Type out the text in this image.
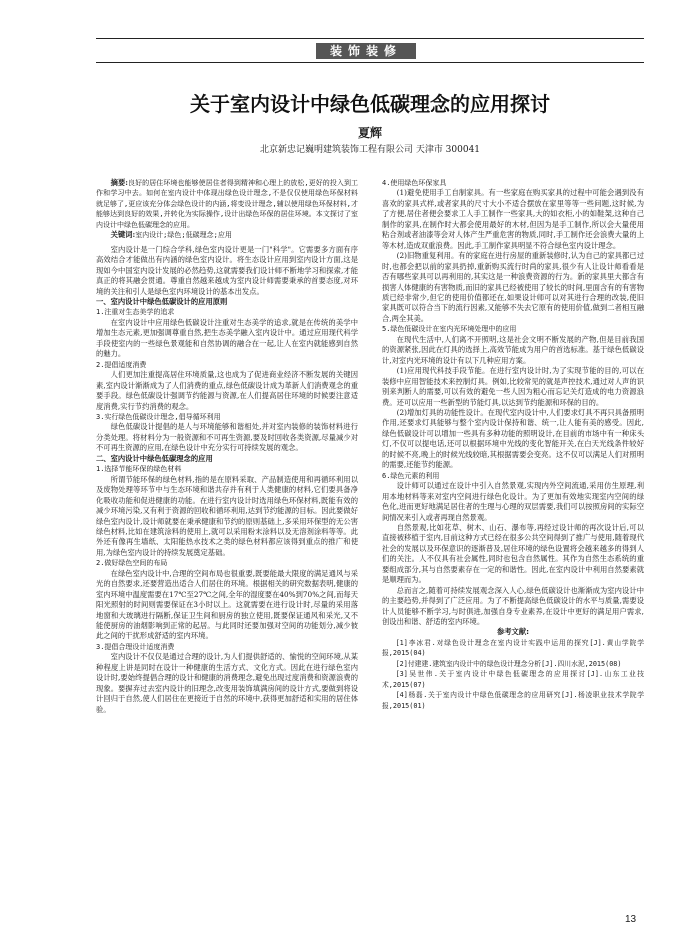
装饰装修
关于室内设计中绿色低碳理念的应用探讨
夏辉
北京新忠记巍明建筑装饰工程有限公司 天津市 300041

摘要:良好的居住环境也能够使居住者得到精神和心理上的放松,更好的投入到工作和学习中去。如何在室内设计中体现出绿色设计理念,不是仅仅使用绿色环保材料就足够了,更应该充分体会绿色设计的内涵,将变设计理念,辅以使用绿色环保材料,才能够达到良好的效果,并转化为实际操作,设计出绿色环保的居住环境。本文探讨了室内设计中绿色低碳理念的应用。

关键词:室内设计;绿色;低碳理念;应用

室内设计是一门综合学科,绿色室内设计更是一门"科学"。它需要多方面有序高效结合才能做出有内涵的绿色室内设计。将生态设计应用到室内设计方面,这是现如今中国室内设计发展的必然趋势,这就需要我们设计师不断地学习和探索,才能真正的将其融会贯通。尊重自然越来越成为室内设计师需要秉承的首要态度,对环境的关注和引人是绿色室内环境设计的基本出发点。

一、室内设计中绿色低碳设计的应用原则

1.注重对生态美学的追求

在室内设计中应用绿色低碳设计注重对生态美学的追求,就是在传统的美学中增加生态元素,更加强调尊重自然,把生态美学融入室内设计中。通过应用现代科学手段使室内的一些绿色景观能和自然协调的融合在一起,让人在室内就能感到自然的魅力。

2.提倡适度消费

人们更加注重提高居住环境质量,这也成为了促进商业经济不断发展的关键因素,室内设计渐渐成为了人们消费的重点,绿色低碳设计成为革新人们消费观念的重要手段。绿色低碳设计强调节约能源与资源,在人们提高居住环境的时候要注意适度消费,实行节约消费的观念。

3.实行绿色低碳设计理念,倡导循环利用

绿色低碳设计提倡的是人与环境能够和谐相处,并对室内装修的装饰材料进行分类处理。将材料分为一般资源和不可再生资源,要及时回收各类资源,尽量减少对不可再生资源的应用,在绿色设计中充分实行可持续发展的观念。

二、室内设计中绿色低碳理念的应用

1.选择节能环保的绿色材料

所谓节能环保的绿色材料,指的是在原料采取、产品制造使用和再循环利用以及废物处理等环节中与生态环境和谐共存并有利于人类健康的材料,它们要具备净化吸收功能和促进健康的功能。在进行室内设计时选用绿色环保材料,既能有效的减少环境污染,又有利于资源的回收和循环利用,达到节约能源的目标。因此要做好绿色室内设计,设计师就要在秉承健康和节约的原则基础上,多采用环保型的无公害绿色材料,比如在建筑涂料的使用上,就可以采用粉末涂料以及无溶剂涂料等等。此外还有像再生墙纸、太阳能热水技术之类的绿色材料都应该得到重点的推广和使用,为绿色室内设计的持续发展奠定基础。

2.做好绿色空间的布局

在绿色室内设计中,合理的空间布局也很重要,既要能最大限度的满足通风与采光的自然要求,还要营造出适合人们居住的环境。根据相关的研究数据表明,健康的室内环境中温度需要在17℃至27℃之间,全年的湿度要在40%到70%之间,而每天阳光照射的时间则需要保证在3小时以上。这就需要在进行设计时,尽量的采用落地窗和大玻璃进行隔断,保证卫生间和厨房的独立使用,既要保证通风和采光,又不能使厨房的油烟影响到正常的起居。与此同时还要加强对空间的功能划分,减少彼此之间的干扰形成舒适的室内环境。

3.提倡合理设计适度消费

室内设计不仅仅是通过合理的设计,为人们提供舒适的、愉悦的空间环境,从某种程度上讲是同时在设计一种健康的生活方式、文化方式。因此在进行绿色室内设计时,要始终提倡合理的设计和健康的消费理念,避免出现过度消费和资源浪费的现象。要摒弃过去室内设计的旧理念,改变用装饰填满房间的设计方式,要做到将设计回归于自然,使人们居住在更接近于自然的环境中,获得更加舒适和实用的居住体验。

4.使用绿色环保家具

(1)避免使用手工自制家具。有一些家庭在购买家具的过程中可能会遇到没有喜欢的家具式样,或者家具的尺寸大小不适合摆放在家里等等一些问题,这时候,为了方便,居住者便会要求工人手工制作一些家具,大的如衣柜,小的如鞋架,这种自己制作的家具,在制作时大都会使用最好的木材,但因为是手工制作,所以会大量使用粘合剂或者油漆等会对人体产生严重危害的物质,同时,手工制作还会浪费大量的上等木材,造成双重浪费。因此,手工制作家具明显不符合绿色室内设计理念。

(2)旧物重复利用。有的家庭在进行房屋的重新装修时,认为自己的家具都已过时,也都会把以前的家具扔掉,重新购买流行时尚的家具,很少有人让设计师看看是否有哪些家具可以再利用的,其实这是一种浪费资源的行为。新的家具里大都含有损害人体健康的有害物质,而旧的家具已经被使用了较长的时间,里面含有的有害物质已经非常少,但它的使用价值都还在,如果设计师可以对其进行合理的改装,使旧家具既可以符合当下的流行因素,又能够不失去它原有的使用价值,做到二者相互融合,两全其美。

5.绿色低碳设计在室内光环境处理中的应用

在现代生活中,人们离不开照明,这是社会文明不断发展的产物,但是目前我国的资源紧张,因此在灯具的选择上,高效节能成为用户的首选标准。基于绿色低碳设计,对室内光环境的设计有以下几种应用方案。

(1)应用现代科技手段节能。在进行室内设计时,为了实现节能的目的,可以在装修中应用智能技术来控制灯具。例如,比较常见的就是声控技术,通过对人声的识别来判断人的需要,可以有效的避免一些人因为粗心而忘记关灯造成的电力资源浪费。还可以应用一些新型的节能灯具,以达到节约能源和环保的目的。

(2)增加灯具的功能性设计。在现代室内设计中,人们要求灯具不再只具备照明作用,还要求灯具能够与整个室内设计保持和谐、统一,让人能有美的感受。因此,绿色低碳设计可以增加一些具有多种功能的照明设计,在目前的市场中有一种床头灯,不仅可以提电话,还可以根据环境中光线的变化智能开关,在白天光线条件较好的时候不亮,晚上的时候光线较暗,其根据需要会变亮。这不仅可以满足人们对照明的需要,还能节约能源。

6.绿色元素的利用

设计师可以通过在设计中引入自然景观,实现内外空间流通,采用仿生原理,利用本地材料等来对室内空间进行绿色化设计。为了更加有效地实现室内空间的绿色化,进而更好地满足居住者的生理与心理的双层需要,我们可以按照房间的实际空间情况来引入或者再现自然景观。

自然景观,比如花草、树木、山石、瀑布等,再经过设计师的再次设计后,可以直接被移植于室内,目前这种方式已经在很多公共空间得到了推广与使用,随着现代社会的发展以及环保意识的逐渐普及,居住环境的绿色设置将会越来越多的得到人们的关注。人不仅具有社会属性,同时也包含自然属性。其作为自然生态系统的重要组成部分,其与自然要素存在一定的和谐性。因此,在室内设计中利用自然要素就是顺理而为。

总而言之,随着可持续发展观念深入人心,绿色低碳设计也渐渐成为室内设计中的主要趋势,并得到了广泛应用。为了不断提高绿色低碳设计的水平与质量,需要设计人员能够不断学习,与时俱进,加强自身专业素养,在设计中更好的满足用户需求,创设出和谐、舒适的室内环境。

参考文献:

[1]李冰君.对绿色设计理念在室内设计实践中运用的探究[J].黄山学院学报,2015(04)

[2]付建建.建筑室内设计中的绿色设计理念分析[J].四川水泥,2015(08)

[3]吴世伟.关于室内设计中绿色低碳理念的应用探讨[J].山东工业技术,2015(07)

[4]杨磊.关于室内设计中绿色低碳理念的应用研究[J].杨凌职业技术学院学报,2015(01)

13
